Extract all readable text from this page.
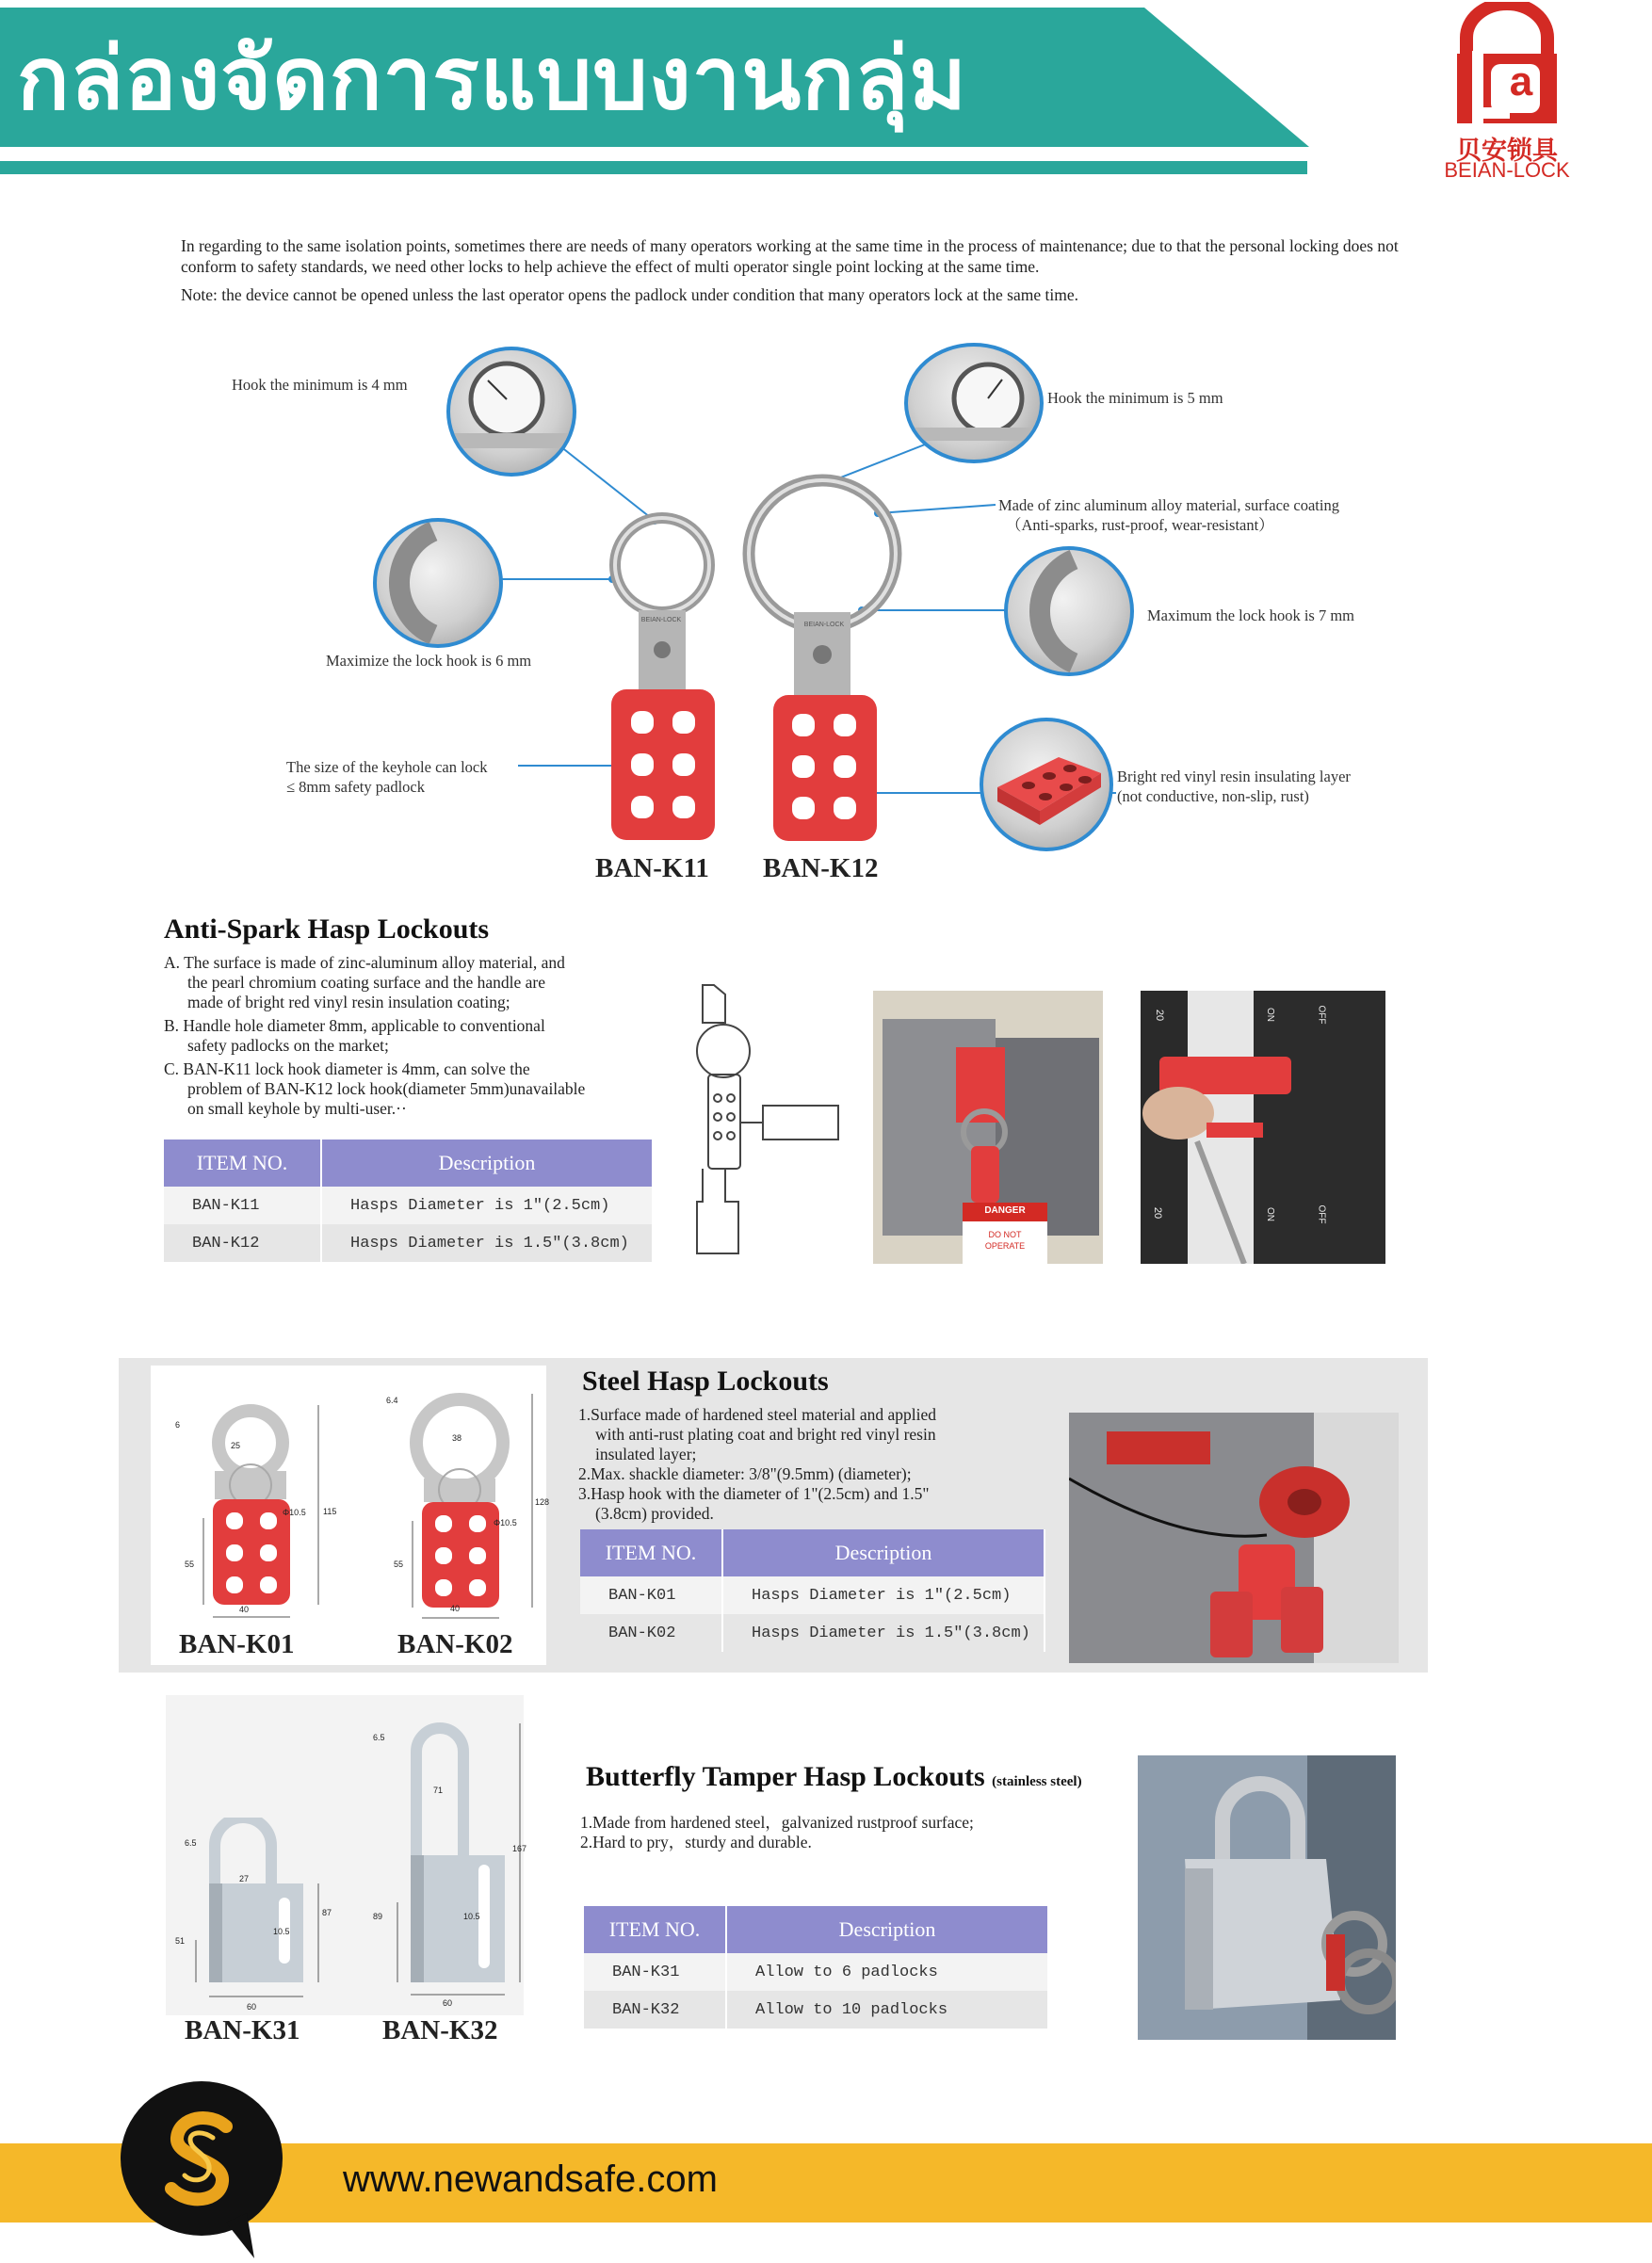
กล่องจัดการแบบงานกลุ่ม	a
贝安锁具
BEIAN-LOCK

In regarding to the same isolation points, sometimes there are needs of many operators working at the same time in the process of maintenance; due to that the personal locking does not conform to safety standards, we need other locks to help achieve the effect of multi operator single point locking at the same time.

Note: the device cannot be opened unless the last operator opens the padlock under condition that many operators lock at the same time.

BEIAN-LOCK
BEIAN-LOCK
Hook the minimum is 4 mm
Hook the minimum is 5 mm
Made of zinc aluminum alloy material, surface coating
（Anti-sparks, rust-proof, wear-resistant）
Maximum the lock hook is 7 mm
Maximize the lock hook is 6 mm
The size of the keyhole can lock
≤ 8mm safety padlock
Bright red vinyl resin insulating layer
(not conductive, non-slip, rust)
BAN-K11 BAN-K12
Anti-Spark Hasp Lockouts

A. The surface is made of zinc-aluminum alloy material, and

the pearl chromium coating surface and the handle are

made of bright red vinyl resin insulation coating;

B. Handle hole diameter 8mm, applicable to conventional

safety padlocks on the market;

C. BAN-K11 lock hook diameter is 4mm, can solve the

problem of BAN-K12 lock hook(diameter 5mm)unavailable

on small keyhole by multi-user.··

ITEM NO.	Description
BAN-K11	Hasps Diameter is 1″(2.5cm)
BAN-K12	Hasps Diameter is 1.5″(3.8cm)
DANGER
DO NOT
OPERATE
20	ON	OFF
20	ON	OFF
25
Φ10.5 115
55
40
6
38
Φ10.5
128
55
40
6.4
BAN-K01	BAN-K02
Steel Hasp Lockouts

1.Surface made of hardened steel material and applied

with anti-rust plating coat and bright red vinyl resin

insulated layer;

2.Max. shackle diameter: 3/8"(9.5mm) (diameter);

3.Hasp hook with the diameter of 1"(2.5cm) and 1.5"

(3.8cm) provided.

ITEM NO.	Description
BAN-K01	Hasps Diameter is 1″(2.5cm)
BAN-K02	Hasps Diameter is 1.5″(3.8cm)
6.5
27
87
10.5
51
60
6.5
71
167
10.5
89
60
BAN-K31	BAN-K32
Butterfly Tamper Hasp Lockouts (stainless steel)

1.Made from hardened steel，galvanized rustproof surface;

2.Hard to pry，sturdy and durable.

ITEM NO.	Description
BAN-K31	Allow to 6 padlocks
BAN-K32	Allow to 10 padlocks
www.newandsafe.com
